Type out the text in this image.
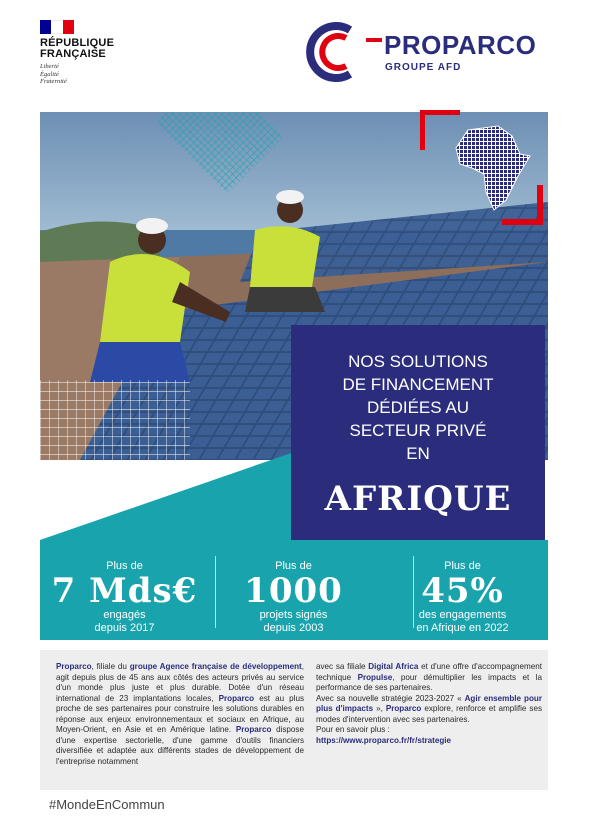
RÉPUBLIQUE
FRANÇAISE
Liberté
Égalité
Fraternité
PROPARCO
GROUPE AFD
NOS SOLUTIONS
DE FINANCEMENT
DÉDIÉES AU
SECTEUR PRIVÉ
EN
AFRIQUE
Plus de
7 Mds€
engagés
depuis 2017
Plus de
1000
projets signés
depuis 2003
Plus de
45%
des engagements
en Afrique en 2022

Proparco, filiale du groupe Agence française de développement, agit depuis plus de 45 ans aux côtés des acteurs privés au service d'un monde plus juste et plus durable. Dotée d'un réseau international de 23 implantations locales, Proparco est au plus proche de ses partenaires pour construire les solutions durables en réponse aux enjeux environnementaux et sociaux en Afrique, au Moyen-Orient, en Asie et en Amérique latine. Proparco dispose d'une expertise sectorielle, d'une gamme d'outils financiers diversifiée et adaptée aux différents stades de développement de l'entreprise notamment

avec sa filiale Digital Africa et d'une offre d'accompagnement technique Propulse, pour démultiplier les impacts et la performance de ses partenaires.

Avec sa nouvelle stratégie 2023-2027 « Agir ensemble pour plus d'impacts », Proparco explore, renforce et amplifie ses modes d'intervention avec ses partenaires.

Pour en savoir plus :

https://www.proparco.fr/fr/strategie

#MondeEnCommun
